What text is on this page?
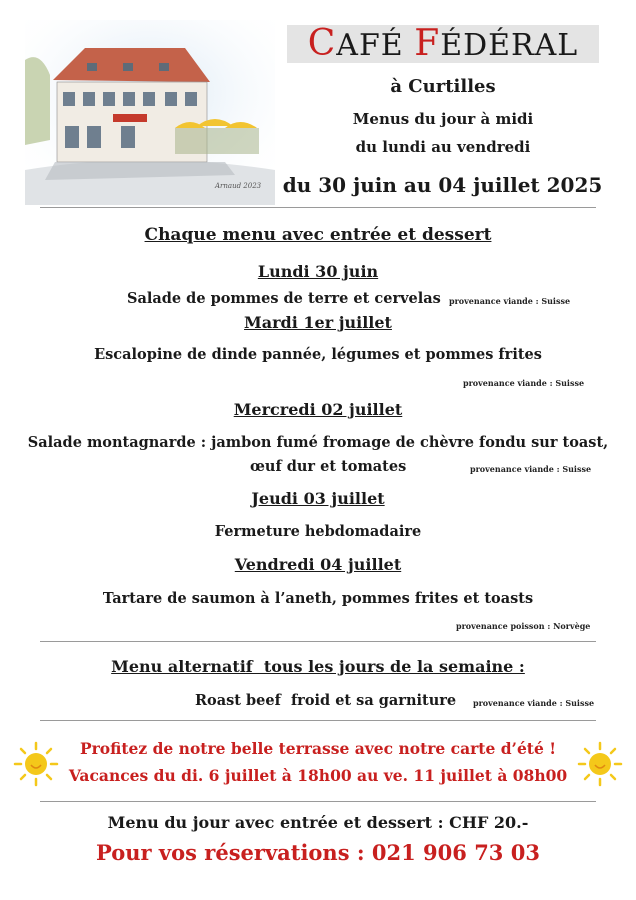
Arnaud 2023
CAFÉ FÉDÉRAL
à Curtilles
Menus du jour à midi
du lundi au vendredi
du 30 juin au 04 juillet 2025
Chaque menu avec entrée et dessert
Lundi 30 juin
Salade de pommes de terre et cervelas provenance viande : Suisse
Mardi 1er juillet
Escalopine de dinde pannée, légumes et pommes frites
provenance viande : Suisse
Mercredi 02 juillet
Salade montagnarde : jambon fumé fromage de chèvre fondu sur toast,
œuf dur et tomates	provenance viande : Suisse
Jeudi 03 juillet
Fermeture hebdomadaire
Vendredi 04 juillet
Tartare de saumon à l’aneth, pommes frites et toasts
provenance poisson : Norvège
Menu alternatif  tous les jours de la semaine :
Roast beef  froid et sa garniture provenance viande : Suisse
Profitez de notre belle terrasse avec notre carte d’été !
Vacances du di. 6 juillet à 18h00 au ve. 11 juillet à 08h00
Menu du jour avec entrée et dessert : CHF 20.-
Pour vos réservations : 021 906 73 03
